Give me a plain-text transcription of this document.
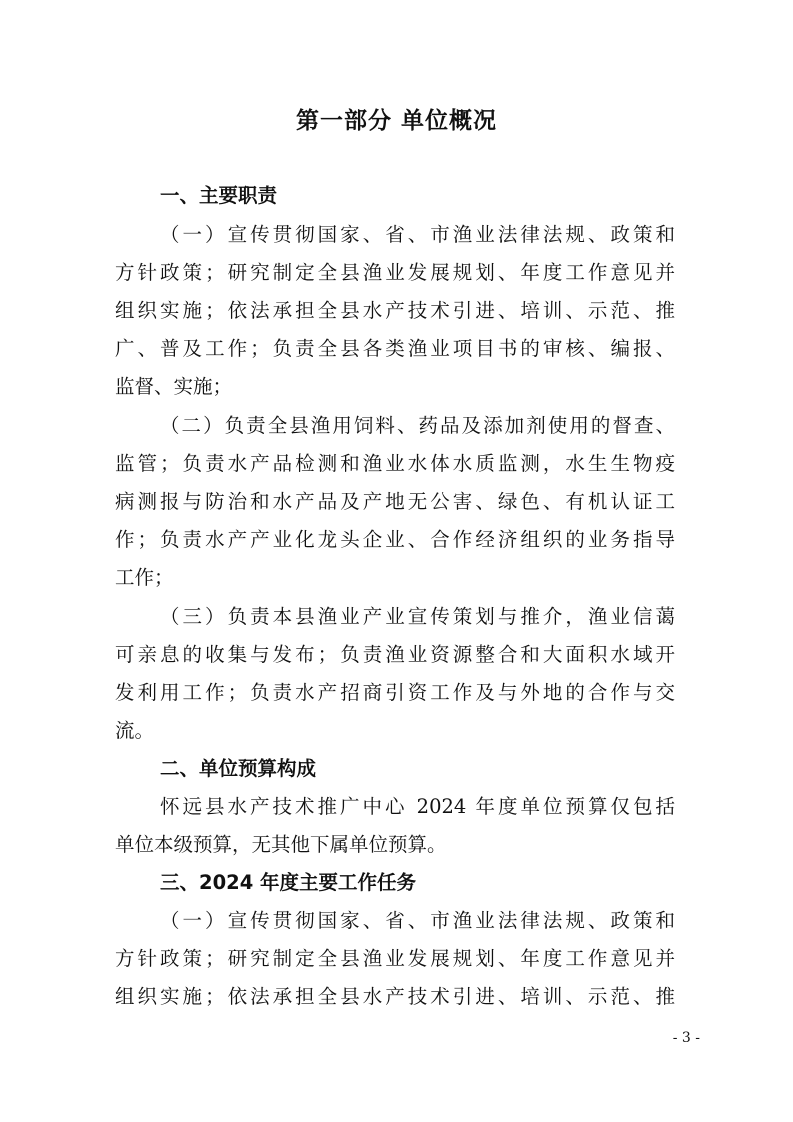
第一部分 单位概况
一、主要职责
（一）宣传贯彻国家、省、市渔业法律法规、政策和
方针政策；研究制定全县渔业发展规划、年度工作意见并
组织实施；依法承担全县水产技术引进、培训、示范、推
广、普及工作；负责全县各类渔业项目书的审核、编报、
监督、实施；
（二）负责全县渔用饲料、药品及添加剂使用的督查、
监管；负责水产品检测和渔业水体水质监测，水生生物疫
病测报与防治和水产品及产地无公害、绿色、有机认证工
作；负责水产产业化龙头企业、合作经济组织的业务指导
工作；
（三）负责本县渔业产业宣传策划与推介，渔业信蔼
可亲息的收集与发布；负责渔业资源整合和大面积水域开
发利用工作；负责水产招商引资工作及与外地的合作与交
流。
二、单位预算构成
怀远县水产技术推广中心 2024 年度单位预算仅包括
单位本级预算，无其他下属单位预算。
三、2024 年度主要工作任务
（一）宣传贯彻国家、省、市渔业法律法规、政策和
方针政策；研究制定全县渔业发展规划、年度工作意见并
组织实施；依法承担全县水产技术引进、培训、示范、推
- 3 -
